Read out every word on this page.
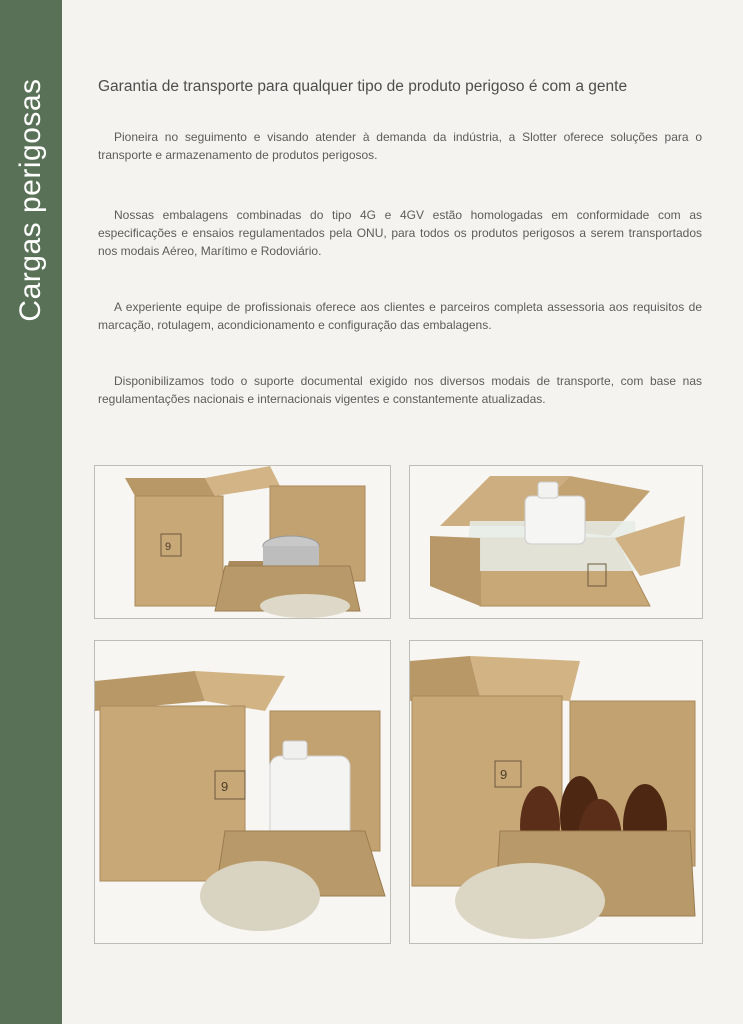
Cargas perigosas	Garantia de transporte para qualquer tipo de produto perigoso é com a gente

Pioneira no seguimento e visando atender à demanda da indústria, a Slotter oferece soluções para o transporte e armazenamento de produtos perigosos.

Nossas embalagens combinadas do tipo 4G e 4GV estão homologadas em conformidade com as especificações e ensaios regulamentados pela ONU, para todos os produtos perigosos a serem transportados nos modais Aéreo, Marítimo e Rodoviário.

A experiente equipe de profissionais oferece aos clientes e parceiros completa assessoria aos requisitos de marcação, rotulagem, acondicionamento e configuração das embalagens.

Disponibilizamos todo o suporte documental exigido nos diversos modais de transporte, com base nas regulamentações nacionais e internacionais vigentes e constantemente atualizadas.

9
9
9
